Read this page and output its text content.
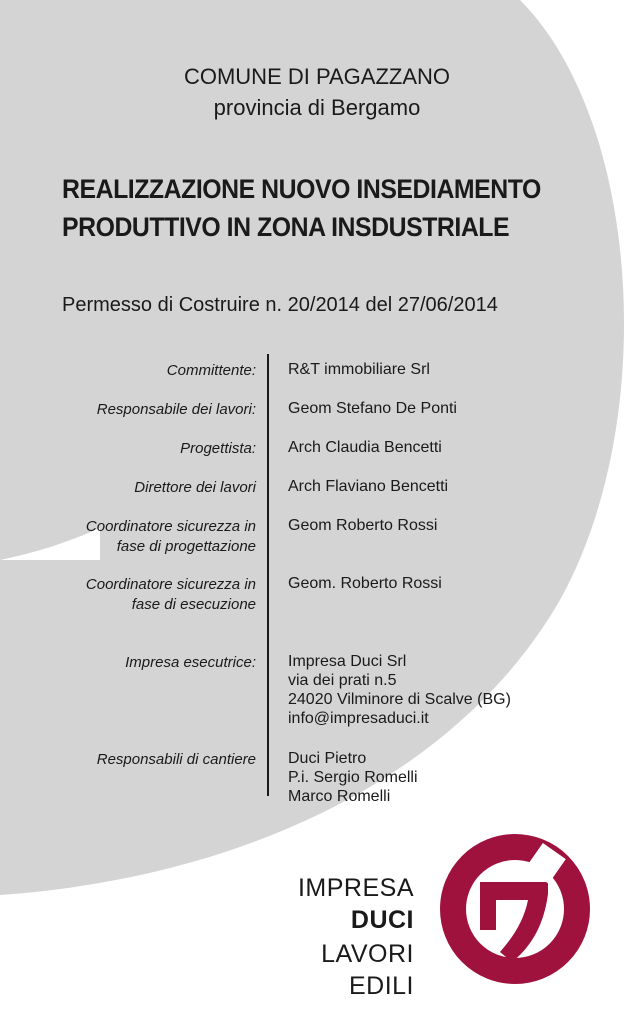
COMUNE DI PAGAZZANO
provincia di Bergamo
REALIZZAZIONE NUOVO INSEDIAMENTO
PRODUTTIVO IN ZONA INSDUSTRIALE
Permesso di Costruire n. 20/2014 del 27/06/2014
Committente: R&T immobiliare Srl
Responsabile dei lavori: Geom Stefano De Ponti
Progettista: Arch Claudia Bencetti
Direttore dei lavori Arch Flaviano Bencetti
Coordinatore sicurezza in
fase di progettazione
Geom Roberto Rossi
Coordinatore sicurezza in
fase di esecuzione
Geom. Roberto Rossi
Impresa esecutrice: Impresa Duci Srl
via dei prati n.5
24020 Vilminore di Scalve (BG)
info@impresaduci.it
Responsabili di cantiere Duci Pietro
P.i. Sergio Romelli
Marco Romelli
IMPRESA
DUCI
LAVORI EDILI
